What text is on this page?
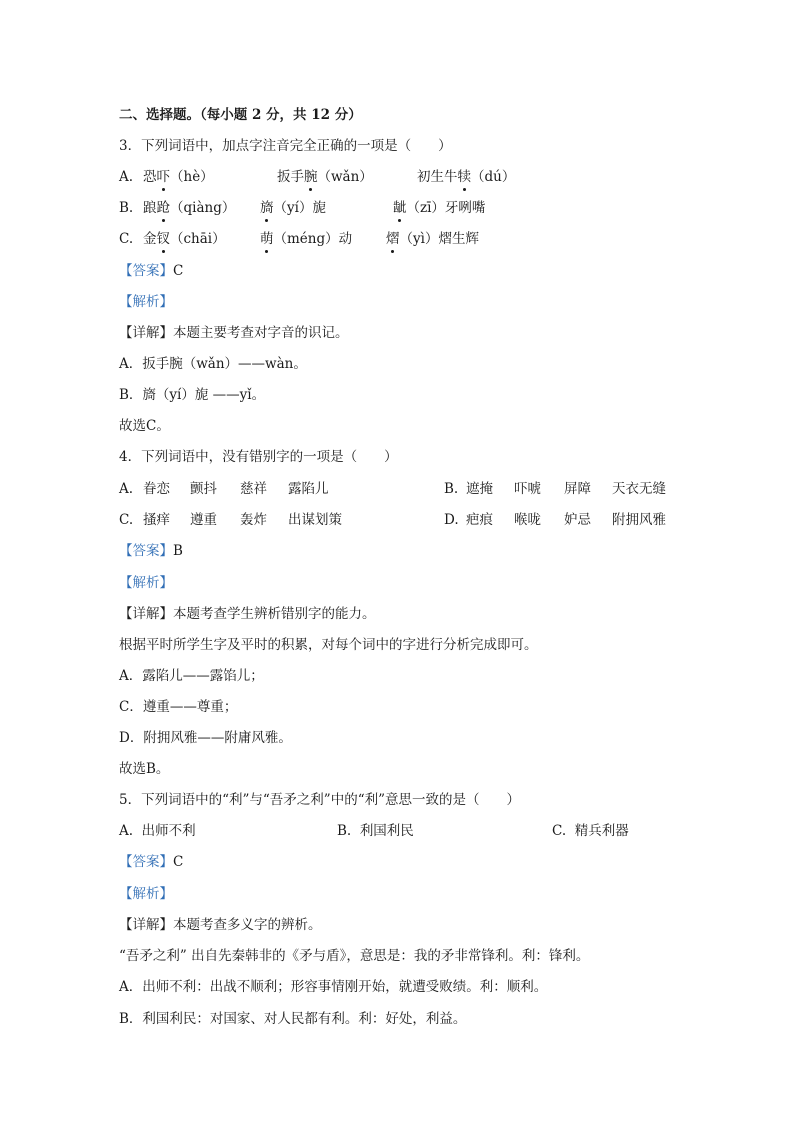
二、选择题。（每小题 2 分，共 12 分）
3．下列词语中，加点字注音完全正确的一项是（　　）
A. 恐吓（hè）	扳手腕（wǎn）	初生牛犊（dú）
B. 踉跄（qiàng） 旖（yí）旎	龇（zī）牙咧嘴
C. 金钗（chāi）	萌（méng）动	熠（yì）熠生辉
【答案】C
【解析】
【详解】本题主要考查对字音的识记。
A．扳手腕（wǎn）——wàn。
B．旖（yí）旎 ——yǐ。
故选C。
4．下列词语中，没有错别字的一项是（　　）
A. 眷恋 颤抖 慈祥 露陷儿	B. 遮掩 吓唬 屏障 天衣无缝
C. 搔痒 遵重 轰炸 出谋划策	D. 疤痕 喉咙 妒忌 附拥风雅
【答案】B
【解析】
【详解】本题考查学生辨析错别字的能力。
根据平时所学生字及平时的积累，对每个词中的字进行分析完成即可。
A．露陷儿——露馅儿；
C．遵重——尊重；
D．附拥风雅——附庸风雅。
故选B。
5．下列词语中的“利”与“吾矛之利”中的“利”意思一致的是（　　）
A. 出师不利	B. 利国利民	C. 精兵利器
【答案】C
【解析】
【详解】本题考查多义字的辨析。
“吾矛之利” 出自先秦韩非的《矛与盾》，意思是：我的矛非常锋利。利：锋利。
A．出师不利：出战不顺利；形容事情刚开始，就遭受败绩。利：顺利。
B．利国利民：对国家、对人民都有利。利：好处，利益。
